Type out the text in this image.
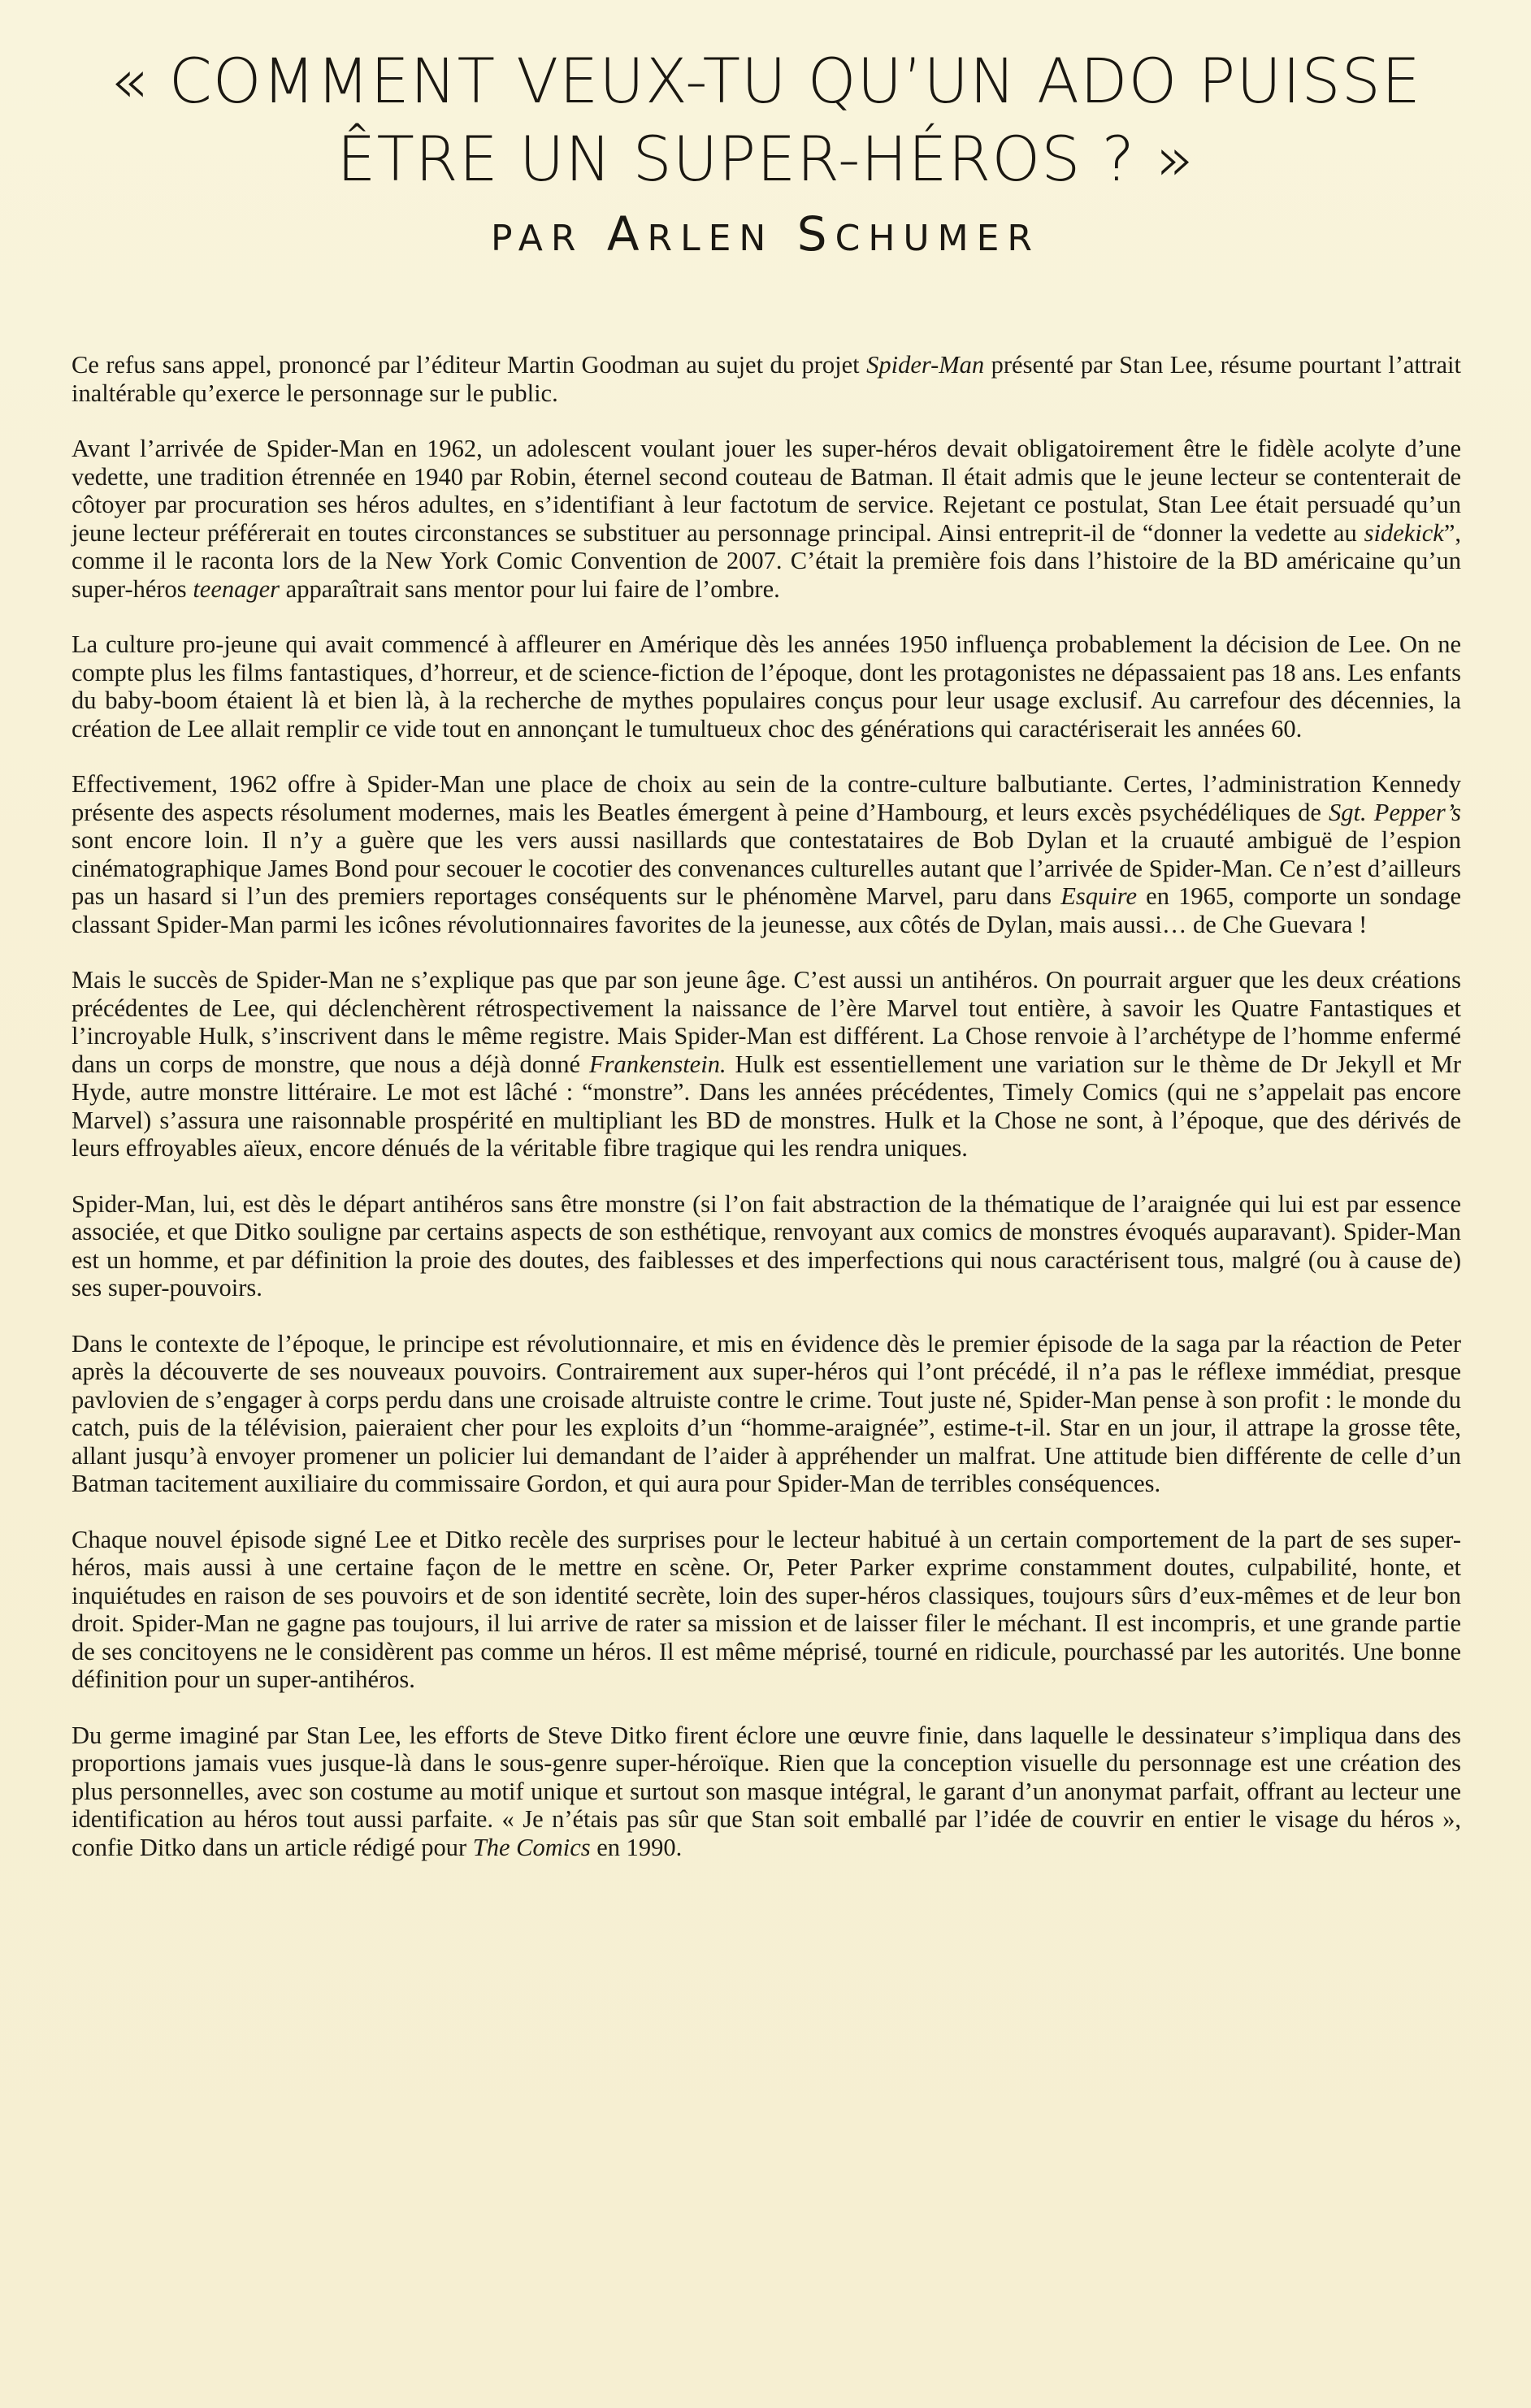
« COMMENT VEUX-TU QU’UN ADO PUISSE
ÊTRE UN SUPER-HÉROS ? »
PAR ARLEN SCHUMER

Ce refus sans appel, prononcé par l’éditeur Martin Goodman au sujet du projet Spider-Man présenté par Stan Lee, résume pourtant l’attrait inaltérable qu’exerce le personnage sur le public.

Avant l’arrivée de Spider-Man en 1962, un adolescent voulant jouer les super-héros devait obligatoirement être le fidèle acolyte d’une vedette, une tradition étrennée en 1940 par Robin, éternel second couteau de Batman. Il était admis que le jeune lecteur se contenterait de côtoyer par procuration ses héros adultes, en s’identifiant à leur factotum de service. Rejetant ce postulat, Stan Lee était persuadé qu’un jeune lecteur préférerait en toutes circonstances se substituer au personnage principal. Ainsi entreprit-il de “donner la vedette au sidekick”, comme il le raconta lors de la New York Comic Convention de 2007. C’était la première fois dans l’histoire de la BD américaine qu’un super-héros teenager apparaîtrait sans mentor pour lui faire de l’ombre.

La culture pro-jeune qui avait commencé à affleurer en Amérique dès les années 1950 influença probablement la décision de Lee. On ne compte plus les films fantastiques, d’horreur, et de science-fiction de l’époque, dont les protagonistes ne dépassaient pas 18 ans. Les enfants du baby-boom étaient là et bien là, à la recherche de mythes populaires conçus pour leur usage exclusif. Au carrefour des décennies, la création de Lee allait remplir ce vide tout en annonçant le tumultueux choc des générations qui caractériserait les années 60.

Effectivement, 1962 offre à Spider-Man une place de choix au sein de la contre-culture balbutiante. Certes, l’administration Kennedy présente des aspects résolument modernes, mais les Beatles émergent à peine d’Hambourg, et leurs excès psychédéliques de Sgt. Pepper’s sont encore loin. Il n’y a guère que les vers aussi nasillards que contestataires de Bob Dylan et la cruauté ambiguë de l’espion cinématographique James Bond pour secouer le cocotier des convenances culturelles autant que l’arrivée de Spider-Man. Ce n’est d’ailleurs pas un hasard si l’un des premiers reportages conséquents sur le phénomène Marvel, paru dans Esquire en 1965, comporte un sondage classant Spider-Man parmi les icônes révolutionnaires favorites de la jeunesse, aux côtés de Dylan, mais aussi… de Che Guevara !

Mais le succès de Spider-Man ne s’explique pas que par son jeune âge. C’est aussi un antihéros. On pourrait arguer que les deux créations précédentes de Lee, qui déclenchèrent rétrospectivement la naissance de l’ère Marvel tout entière, à savoir les Quatre Fantastiques et l’incroyable Hulk, s’inscrivent dans le même registre. Mais Spider-Man est différent. La Chose renvoie à l’archétype de l’homme enfermé dans un corps de monstre, que nous a déjà donné Frankenstein. Hulk est essentiellement une variation sur le thème de Dr Jekyll et Mr Hyde, autre monstre littéraire. Le mot est lâché : “monstre”. Dans les années précédentes, Timely Comics (qui ne s’appelait pas encore Marvel) s’assura une raisonnable prospérité en multipliant les BD de monstres. Hulk et la Chose ne sont, à l’époque, que des dérivés de leurs effroyables aïeux, encore dénués de la véritable fibre tragique qui les rendra uniques.

Spider-Man, lui, est dès le départ antihéros sans être monstre (si l’on fait abstraction de la thématique de l’araignée qui lui est par essence associée, et que Ditko souligne par certains aspects de son esthétique, renvoyant aux comics de monstres évoqués auparavant). Spider-Man est un homme, et par définition la proie des doutes, des faiblesses et des imperfections qui nous caractérisent tous, malgré (ou à cause de) ses super-pouvoirs.

Dans le contexte de l’époque, le principe est révolutionnaire, et mis en évidence dès le premier épisode de la saga par la réaction de Peter après la découverte de ses nouveaux pouvoirs. Contrairement aux super-héros qui l’ont précédé, il n’a pas le réflexe immédiat, presque pavlovien de s’engager à corps perdu dans une croisade altruiste contre le crime. Tout juste né, Spider-Man pense à son profit : le monde du catch, puis de la télévision, paieraient cher pour les exploits d’un “homme-araignée”, estime-t-il. Star en un jour, il attrape la grosse tête, allant jusqu’à envoyer promener un policier lui demandant de l’aider à appréhender un malfrat. Une attitude bien différente de celle d’un Batman tacitement auxiliaire du commissaire Gordon, et qui aura pour Spider-Man de terribles conséquences.

Chaque nouvel épisode signé Lee et Ditko recèle des surprises pour le lecteur habitué à un certain comportement de la part de ses super-héros, mais aussi à une certaine façon de le mettre en scène. Or, Peter Parker exprime constamment doutes, culpabilité, honte, et inquiétudes en raison de ses pouvoirs et de son identité secrète, loin des super-héros classiques, toujours sûrs d’eux-mêmes et de leur bon droit. Spider-Man ne gagne pas toujours, il lui arrive de rater sa mission et de laisser filer le méchant. Il est incompris, et une grande partie de ses concitoyens ne le considèrent pas comme un héros. Il est même méprisé, tourné en ridicule, pourchassé par les autorités. Une bonne définition pour un super-antihéros.

Du germe imaginé par Stan Lee, les efforts de Steve Ditko firent éclore une œuvre finie, dans laquelle le dessinateur s’impliqua dans des proportions jamais vues jusque-là dans le sous-genre super-héroïque. Rien que la conception visuelle du personnage est une création des plus personnelles, avec son costume au motif unique et surtout son masque intégral, le garant d’un anonymat parfait, offrant au lecteur une identification au héros tout aussi parfaite. « Je n’étais pas sûr que Stan soit emballé par l’idée de couvrir en entier le visage du héros », confie Ditko dans un article rédigé pour The Comics en 1990.
